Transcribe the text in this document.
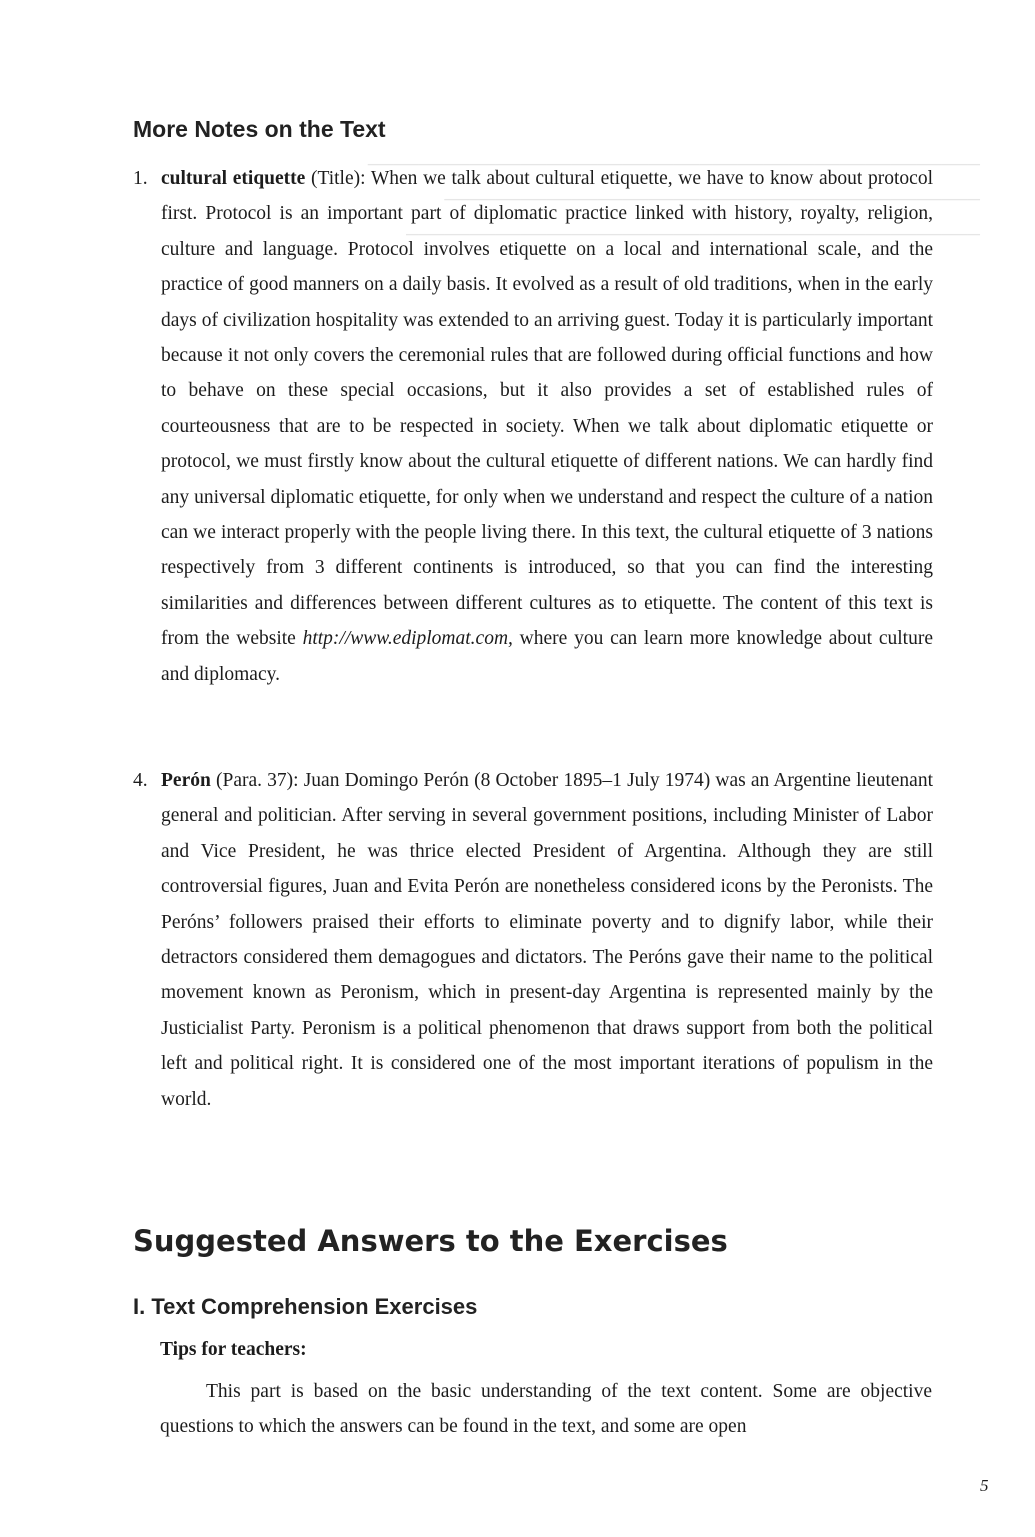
────────────────────────────────────────────────
──────────────────────────────────────────
─────────────────────────────────────────────

More Notes on the Text
1. cultural etiquette (Title): When we talk about cultural etiquette, we have to know about protocol first. Protocol is an important part of diplomatic practice linked with history, royalty, religion, culture and language. Protocol involves etiquette on a local and international scale, and the practice of good manners on a daily basis. It evolved as a result of old traditions, when in the early days of civilization hospitality was extended to an arriving guest. Today it is particularly important because it not only covers the ceremonial rules that are followed during official functions and how to behave on these special occasions, but it also provides a set of established rules of courteousness that are to be respected in society. When we talk about diplomatic etiquette or protocol, we must firstly know about the cultural etiquette of different nations. We can hardly find any universal diplomatic etiquette, for only when we understand and respect the culture of a nation can we interact properly with the people living there. In this text, the cultural etiquette of 3 nations respectively from 3 different continents is introduced, so that you can find the interesting similarities and differences between different cultures as to etiquette. The content of this text is from the website http://www.ediplomat.com, where you can learn more knowledge about culture and diplomacy.
4. Perón (Para. 37): Juan Domingo Perón (8 October 1895–1 July 1974) was an Argentine lieutenant general and politician. After serving in several government positions, including Minister of Labor and Vice President, he was thrice elected President of Argentina. Although they are still controversial figures, Juan and Evita Perón are nonetheless considered icons by the Peronists. The Peróns’ followers praised their efforts to eliminate poverty and to dignify labor, while their detractors considered them demagogues and dictators. The Peróns gave their name to the political movement known as Peronism, which in present-day Argentina is represented mainly by the Justicialist Party. Peronism is a political phenomenon that draws support from both the political left and political right. It is considered one of the most important iterations of populism in the world.
Suggested Answers to the Exercises
I. Text Comprehension Exercises
Tips for teachers:
This part is based on the basic understanding of the text content. Some are objective questions to which the answers can be found in the text, and some are open
5
